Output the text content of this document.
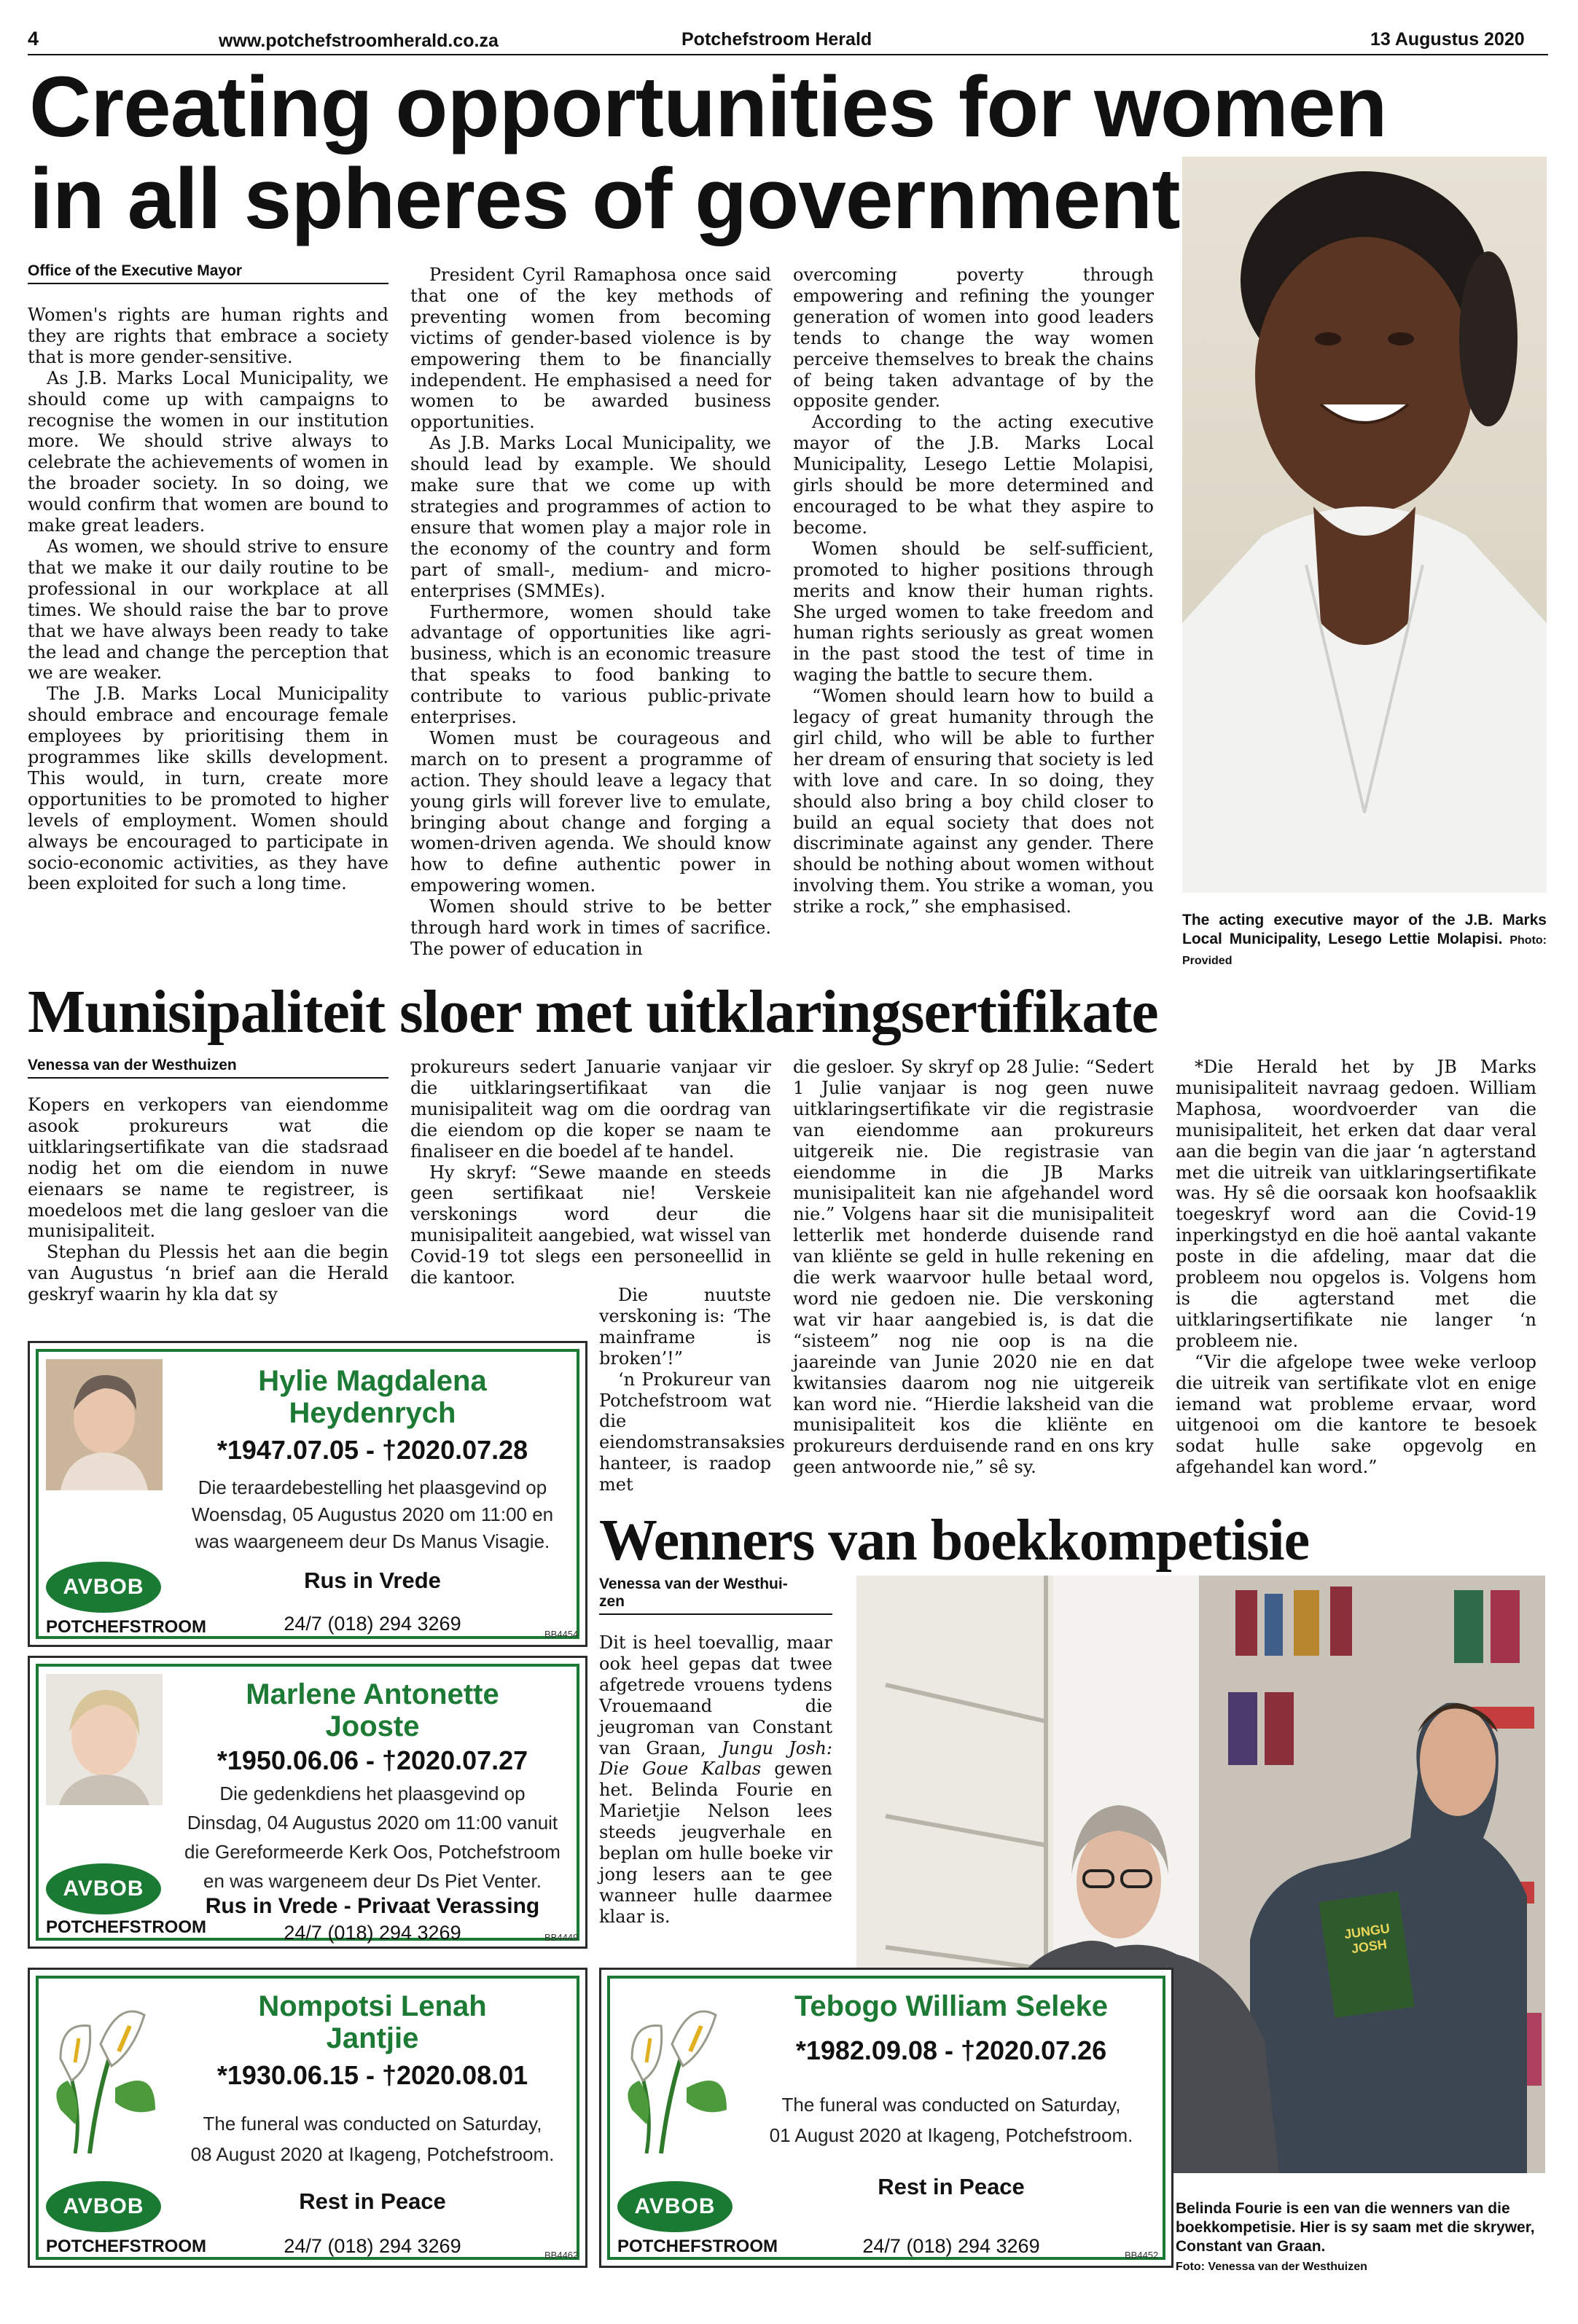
4	www.potchefstroomherald.co.za	Potchefstroom Herald	13 Augustus 2020
Creating opportunities for women
in all spheres of government
Office of the Executive Mayor

Women's rights are human rights and they are rights that embrace a society that is more gender-sensitive.

As J.B. Marks Local Municipality, we should come up with campaigns to recognise the women in our institution more. We should strive always to celebrate the achievements of women in the broader society. In so doing, we would confirm that women are bound to make great leaders.

As women, we should strive to ensure that we make it our daily routine to be professional in our workplace at all times. We should raise the bar to prove that we have always been ready to take the lead and change the perception that we are weaker.

The J.B. Marks Local Municipality should embrace and encourage female employees by prioritising them in programmes like skills development. This would, in turn, create more opportunities to be promoted to higher levels of employment. Women should always be encouraged to participate in socio-economic activities, as they have been exploited for such a long time.

President Cyril Ramaphosa once said that one of the key methods of preventing women from becoming victims of gender-based violence is by empowering them to be financially independent. He emphasised a need for women to be awarded business opportunities.

As J.B. Marks Local Municipality, we should lead by example. We should make sure that we come up with strategies and programmes of action to ensure that women play a major role in the economy of the country and form part of small-, medium- and micro-enterprises (SMMEs).

Furthermore, women should take advantage of opportunities like agri-business, which is an economic treasure that speaks to food banking to contribute to various public-private enterprises.

Women must be courageous and march on to present a programme of action. They should leave a legacy that young girls will forever live to emulate, bringing about change and forging a women-driven agenda. We should know how to define authentic power in empowering women.

Women should strive to be better through hard work in times of sacrifice. The power of education in

overcoming poverty through empowering and refining the younger generation of women into good leaders tends to change the way women perceive themselves to break the chains of being taken advantage of by the opposite gender.

According to the acting executive mayor of the J.B. Marks Local Municipality, Lesego Lettie Molapisi, girls should be more determined and encouraged to be what they aspire to become.

Women should be self-sufficient, promoted to higher positions through merits and know their human rights. She urged women to take freedom and human rights seriously as great women in the past stood the test of time in waging the battle to secure them.

“Women should learn how to build a legacy of great humanity through the girl child, who will be able to further her dream of ensuring that society is led with love and care. In so doing, they should also bring a boy child closer to build an equal society that does not discriminate against any gender. There should be nothing about women without involving them. You strike a woman, you strike a rock,” she emphasised.

The acting executive mayor of the J.B. Marks Local Municipality, Lesego Lettie Molapisi. Photo: Provided
Munisipaliteit sloer met uitklaringsertifikate
Venessa van der Westhuizen

Kopers en verkopers van eiendomme asook prokureurs wat die uitklaringsertifikate van die stadsraad nodig het om die eiendom in nuwe eienaars se name te registreer, is moedeloos met die lang gesloer van die munisipaliteit.

Stephan du Plessis het aan die begin van Augustus ‘n brief aan die Herald geskryf waarin hy kla dat sy

prokureurs sedert Januarie vanjaar vir die uitklaringsertifikaat van die munisipaliteit wag om die oordrag van die eiendom op die koper se naam te finaliseer en die boedel af te handel.

Hy skryf: “Sewe maande en steeds geen sertifikaat nie! Verskeie verskonings word deur die munisipaliteit aangebied, wat wissel van Covid-19 tot slegs een personeellid in die kantoor.

Die nuutste verskoning is: ‘The mainframe is broken’!”

‘n Prokureur van Potchefstroom wat die eiendomstransaksies hanteer, is raadop met

die gesloer. Sy skryf op 28 Julie: “Sedert 1 Julie vanjaar is nog geen nuwe uitklaringsertifikate vir die registrasie van eiendomme aan prokureurs uitgereik nie. Die registrasie van eiendomme in die JB Marks munisipaliteit kan nie afgehandel word nie.” Volgens haar sit die munisipaliteit letterlik met honderde duisende rand van kliënte se geld in hulle rekening en die werk waarvoor hulle betaal word, word nie gedoen nie. Die verskoning wat vir haar aangebied is, is dat die “sisteem” nog nie oop is na die jaareinde van Junie 2020 nie en dat kwitansies daarom nog nie uitgereik kan word nie. “Hierdie laksheid van die munisipaliteit kos die kliënte en prokureurs derduisende rand en ons kry geen antwoorde nie,” sê sy.

*Die Herald het by JB Marks munisipaliteit navraag gedoen. William Maphosa, woordvoerder van die munisipaliteit, het erken dat daar veral aan die begin van die jaar ‘n agterstand met die uitreik van uitklaringsertifikate was. Hy sê die oorsaak kon hoofsaaklik toegeskryf word aan die Covid-19 inperkingstyd en die hoë aantal vakante poste in die afdeling, maar dat die probleem nou opgelos is. Volgens hom is die agterstand met die uitklaringsertifikate nie langer ‘n probleem nie.

“Vir die afgelope twee weke verloop die uitreik van sertifikate vlot en enige iemand wat probleme ervaar, word uitgenooi om die kantore te besoek sodat hulle sake opgevolg en afgehandel kan word.”

Wenners van boekkompetisie
Venessa van der Westhui-
zen

Dit is heel toevallig, maar ook heel gepas dat twee afgetrede vrouens tydens Vrouemaand die jeugroman van Constant van Graan, Jungu Josh: Die Goue Kalbas gewen het. Belinda Fourie en Marietjie Nelson lees steeds jeugverhale en beplan om hulle boeke vir jong lesers aan te gee wanneer hulle daarmee klaar is.

JUNGU JOSH
Belinda Fourie is een van die wenners van die boekkompetisie. Hier is sy saam met die skrywer, Constant van Graan.
Foto: Venessa van der Westhuizen
Hylie Magdalena
Heydenrych
*1947.07.05 - †2020.07.28
Die teraardebestelling het plaasgevind op
Woensdag, 05 Augustus 2020 om 11:00 en
was waargeneem deur Ds Manus Visagie.
AVBOB
POTCHEFSTROOM
Rus in Vrede
24/7 (018) 294 3269	BB4454
Marlene Antonette
Jooste
*1950.06.06 - †2020.07.27
Die gedenkdiens het plaasgevind op
Dinsdag, 04 Augustus 2020 om 11:00 vanuit
die Gereformeerde Kerk Oos, Potchefstroom
en was wargeneem deur Ds Piet Venter.
AVBOB
POTCHEFSTROOM
Rus in Vrede - Privaat Verassing
24/7 (018) 294 3269	BB4449
Nompotsi Lenah
Jantjie
*1930.06.15 - †2020.08.01
The funeral was conducted on Saturday,
08 August 2020 at Ikageng, Potchefstroom.
AVBOB
POTCHEFSTROOM
Rest in Peace
24/7 (018) 294 3269	BB4462
Tebogo William Seleke
*1982.09.08 - †2020.07.26
The funeral was conducted on Saturday,
01 August 2020 at Ikageng, Potchefstroom.
AVBOB
POTCHEFSTROOM
Rest in Peace
24/7 (018) 294 3269	BB4452
